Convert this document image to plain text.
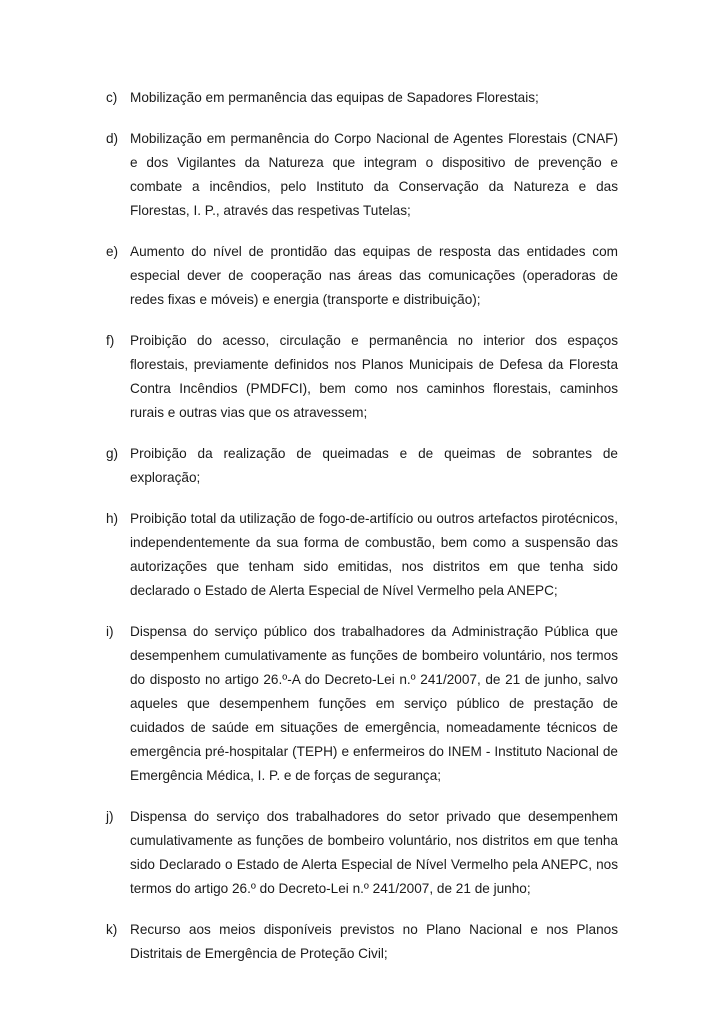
c) Mobilização em permanência das equipas de Sapadores Florestais;
d) Mobilização em permanência do Corpo Nacional de Agentes Florestais (CNAF) e dos Vigilantes da Natureza que integram o dispositivo de prevenção e combate a incêndios, pelo Instituto da Conservação da Natureza e das Florestas, I. P., através das respetivas Tutelas;
e) Aumento do nível de prontidão das equipas de resposta das entidades com especial dever de cooperação nas áreas das comunicações (operadoras de redes fixas e móveis) e energia (transporte e distribuição);
f)	Proibição do acesso, circulação e permanência no interior dos espaços florestais, previamente definidos nos Planos Municipais de Defesa da Floresta Contra Incêndios (PMDFCI), bem como nos caminhos florestais, caminhos rurais e outras vias que os atravessem;
g) Proibição da realização de queimadas e de queimas de sobrantes de exploração;
h) Proibição total da utilização de fogo-de-artifício ou outros artefactos pirotécnicos, independentemente da sua forma de combustão, bem como a suspensão das autorizações que tenham sido emitidas, nos distritos em que tenha sido declarado o Estado de Alerta Especial de Nível Vermelho pela ANEPC;
i)	Dispensa do serviço público dos trabalhadores da Administração Pública que desempenhem cumulativamente as funções de bombeiro voluntário, nos termos do disposto no artigo 26.º-A do Decreto-Lei n.º 241/2007, de 21 de junho, salvo aqueles que desempenhem funções em serviço público de prestação de cuidados de saúde em situações de emergência, nomeadamente técnicos de emergência pré-hospitalar (TEPH) e enfermeiros do INEM - Instituto Nacional de Emergência Médica, I. P. e de forças de segurança;
j)	Dispensa do serviço dos trabalhadores do setor privado que desempenhem cumulativamente as funções de bombeiro voluntário, nos distritos em que tenha sido Declarado o Estado de Alerta Especial de Nível Vermelho pela ANEPC, nos termos do artigo 26.º do Decreto-Lei n.º 241/2007, de 21 de junho;
k) Recurso aos meios disponíveis previstos no Plano Nacional e nos Planos Distritais de Emergência de Proteção Civil;
